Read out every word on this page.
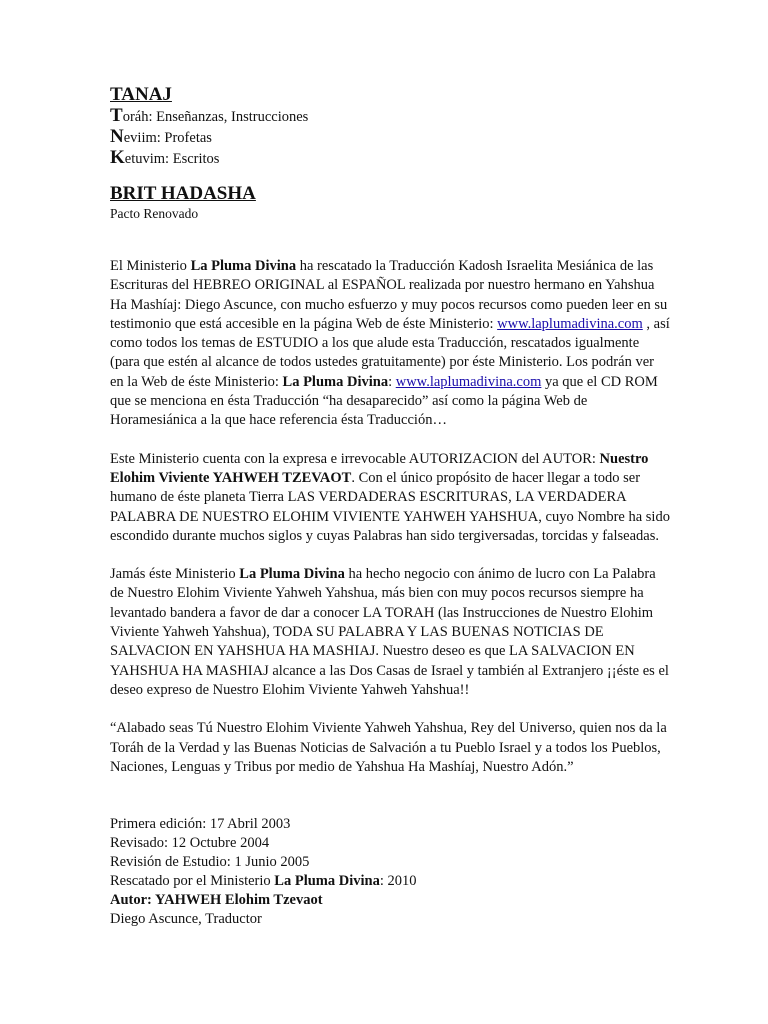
TANAJ
Toráh: Enseñanzas, Instrucciones
Neviim: Profetas
Ketuvim: Escritos
BRIT HADASHA
Pacto Renovado

El Ministerio La Pluma Divina ha rescatado la Traducción Kadosh Israelita Mesiánica de las Escrituras del HEBREO ORIGINAL al ESPAÑOL realizada por nuestro hermano en Yahshua Ha Mashíaj: Diego Ascunce, con mucho esfuerzo y muy pocos recursos como pueden leer en su testimonio que está accesible en la página Web de éste Ministerio: www.laplumadivina.com , así como todos los temas de ESTUDIO a los que alude esta Traducción, rescatados igualmente (para que estén al alcance de todos ustedes gratuitamente) por éste Ministerio. Los podrán ver en la Web de éste Ministerio: La Pluma Divina: www.laplumadivina.com ya que el CD ROM que se menciona en ésta Traducción “ha desaparecido” así como la página Web de Horamesiánica a la que hace referencia ésta Traducción…

Este Ministerio cuenta con la expresa e irrevocable AUTORIZACION del AUTOR: Nuestro Elohim Viviente YAHWEH TZEVAOT. Con el único propósito de hacer llegar a todo ser humano de éste planeta Tierra LAS VERDADERAS ESCRITURAS, LA VERDADERA PALABRA DE NUESTRO ELOHIM VIVIENTE YAHWEH YAHSHUA, cuyo Nombre ha sido escondido durante muchos siglos y cuyas Palabras han sido tergiversadas, torcidas y falseadas.

Jamás éste Ministerio La Pluma Divina ha hecho negocio con ánimo de lucro con La Palabra de Nuestro Elohim Viviente Yahweh Yahshua, más bien con muy pocos recursos siempre ha levantado bandera a favor de dar a conocer LA TORAH (las Instrucciones de Nuestro Elohim Viviente Yahweh Yahshua), TODA SU PALABRA Y LAS BUENAS NOTICIAS DE SALVACION EN YAHSHUA HA MASHIAJ. Nuestro deseo es que LA SALVACION EN YAHSHUA HA MASHIAJ alcance a las Dos Casas de Israel y también al Extranjero ¡¡éste es el deseo expreso de Nuestro Elohim Viviente Yahweh Yahshua!!

“Alabado seas Tú Nuestro Elohim Viviente Yahweh Yahshua, Rey del Universo, quien nos da la Toráh de la Verdad y las Buenas Noticias de Salvación a tu Pueblo Israel y a todos los Pueblos, Naciones, Lenguas y Tribus por medio de Yahshua Ha Mashíaj, Nuestro Adón.”

Primera edición: 17 Abril 2003
Revisado: 12 Octubre 2004
Revisión de Estudio: 1 Junio 2005
Rescatado por el Ministerio La Pluma Divina: 2010
Autor: YAHWEH Elohim Tzevaot
Diego Ascunce, Traductor
